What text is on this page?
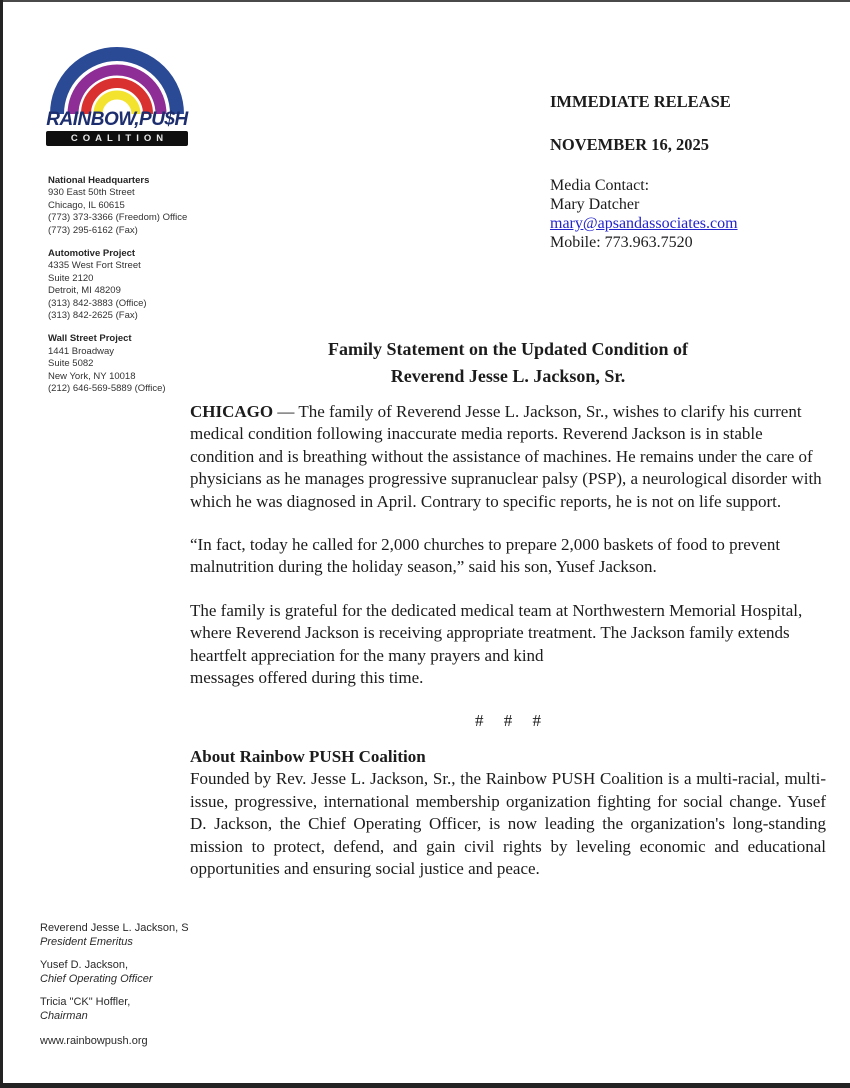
RAINBOW,PU$H
COALITION
National Headquarters
930 East 50th Street
Chicago, IL 60615
(773) 373-3366 (Freedom) Office
(773) 295-6162 (Fax)
Automotive Project
4335 West Fort Street
Suite 2120
Detroit, MI 48209
(313) 842-3883 (Office)
(313) 842-2625 (Fax)
Wall Street Project
1441 Broadway
Suite 5082
New York, NY 10018
(212) 646-569-5889 (Office)
IMMEDIATE RELEASE
NOVEMBER 16, 2025
Media Contact:
Mary Datcher
mary@apsandassociates.com
Mobile: 773.963.7520
Family Statement on the Updated Condition of
Reverend Jesse L. Jackson, Sr.

CHICAGO — The family of Reverend Jesse L. Jackson, Sr., wishes to clarify his current medical condition following inaccurate media reports. Reverend Jackson is in stable condition and is breathing without the assistance of machines. He remains under the care of physicians as he manages progressive supranuclear palsy (PSP), a neurological disorder with which he was diagnosed in April. Contrary to specific reports, he is not on life support.

“In fact, today he called for 2,000 churches to prepare 2,000 baskets of food to prevent malnutrition during the holiday season,” said his son, Yusef Jackson.

The family is grateful for the dedicated medical team at Northwestern Memorial Hospital, where Reverend Jackson is receiving appropriate treatment. The Jackson family extends heartfelt appreciation for the many prayers and kind
messages offered during this time.

# # #

About Rainbow PUSH Coalition

Founded by Rev. Jesse L. Jackson, Sr., the Rainbow PUSH Coalition is a multi-racial, multi-issue, progressive, international membership organization fighting for social change. Yusef D. Jackson, the Chief Operating Officer, is now leading the organization's long-standing mission to protect, defend, and gain civil rights by leveling economic and educational opportunities and ensuring social justice and peace.

Reverend Jesse L. Jackson, S
President Emeritus
Yusef D. Jackson,
Chief Operating Officer
Tricia "CK" Hoffler,
Chairman
www.rainbowpush.org
